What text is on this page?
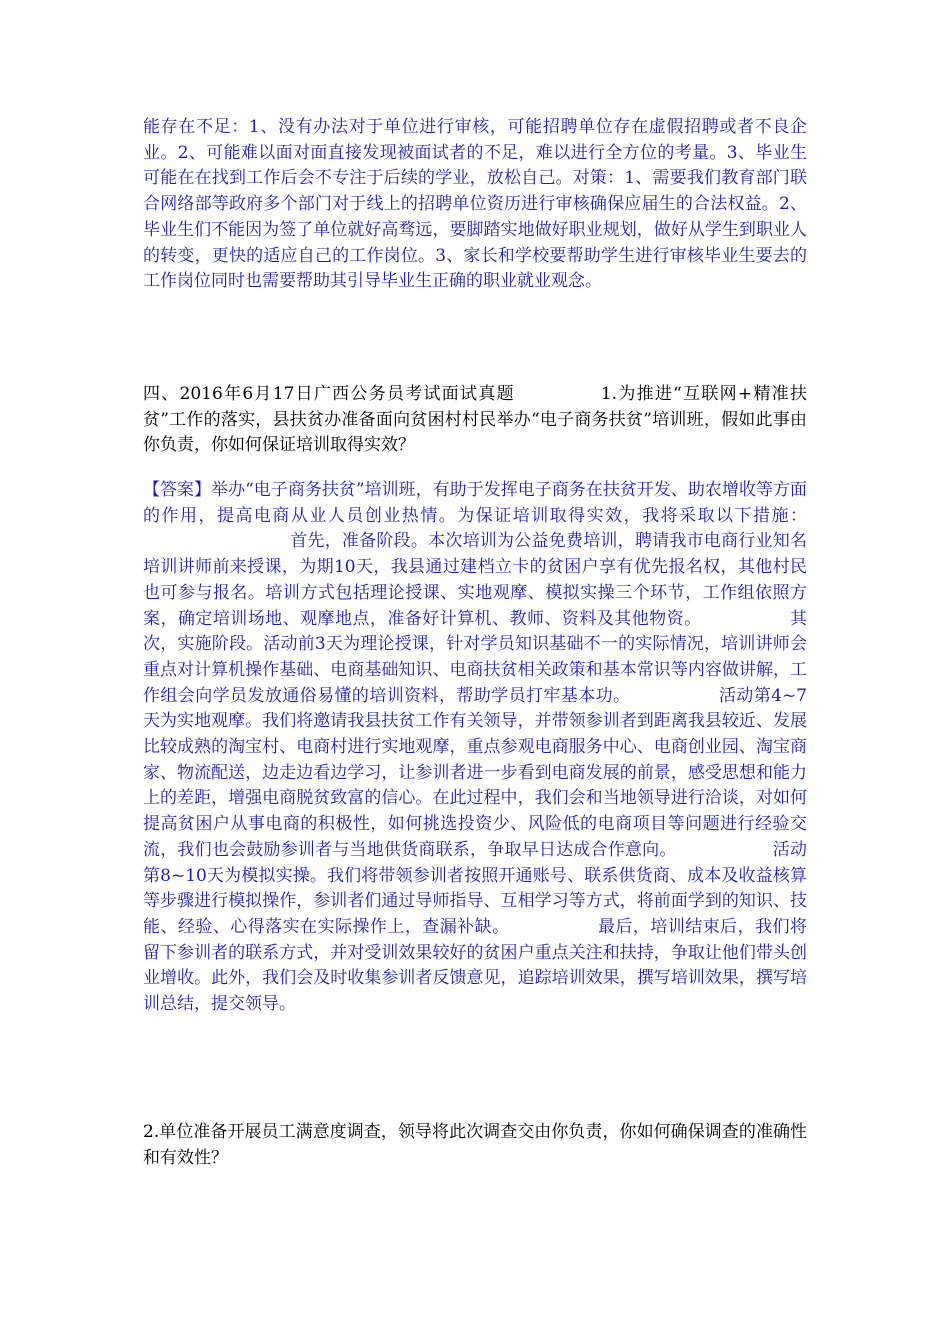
能存在不足：1、没有办法对于单位进行审核，可能招聘单位存在虚假招聘或者不良企业。2、可能难以面对面直接发现被面试者的不足，难以进行全方位的考量。3、毕业生可能在在找到工作后会不专注于后续的学业，放松自己。对策：1、需要我们教育部门联合网络部等政府多个部门对于线上的招聘单位资历进行审核确保应届生的合法权益。2、毕业生们不能因为签了单位就好高骛远，要脚踏实地做好职业规划，做好从学生到职业人的转变，更快的适应自己的工作岗位。3、家长和学校要帮助学生进行审核毕业生要去的工作岗位同时也需要帮助其引导毕业生正确的职业就业观念。

四、2016年6月17日广西公务员考试面试真题	1.为推进“互联网+精准扶贫”工作的落实，县扶贫办准备面向贫困村村民举办“电子商务扶贫”培训班，假如此事由你负责，你如何保证培训取得实效？

【答案】举办“电子商务扶贫”培训班，有助于发挥电子商务在扶贫开发、助农增收等方面的作用，提高电商从业人员创业热情。为保证培训取得实效，我将采取以下措施：首先，准备阶段。本次培训为公益免费培训，聘请我市电商行业知名培训讲师前来授课，为期10天，我县通过建档立卡的贫困户享有优先报名权，其他村民也可参与报名。培训方式包括理论授课、实地观摩、模拟实操三个环节，工作组依照方案，确定培训场地、观摩地点，准备好计算机、教师、资料及其他物资。	其次，实施阶段。活动前3天为理论授课，针对学员知识基础不一的实际情况，培训讲师会重点对计算机操作基础、电商基础知识、电商扶贫相关政策和基本常识等内容做讲解，工作组会向学员发放通俗易懂的培训资料，帮助学员打牢基本功。	活动第4~7天为实地观摩。我们将邀请我县扶贫工作有关领导，并带领参训者到距离我县较近、发展比较成熟的淘宝村、电商村进行实地观摩，重点参观电商服务中心、电商创业园、淘宝商家、物流配送，边走边看边学习，让参训者进一步看到电商发展的前景，感受思想和能力上的差距，增强电商脱贫致富的信心。在此过程中，我们会和当地领导进行洽谈，对如何提高贫困户从事电商的积极性，如何挑选投资少、风险低的电商项目等问题进行经验交流，我们也会鼓励参训者与当地供货商联系，争取早日达成合作意向。	活动第8~10天为模拟实操。我们将带领参训者按照开通账号、联系供货商、成本及收益核算等步骤进行模拟操作，参训者们通过导师指导、互相学习等方式，将前面学到的知识、技能、经验、心得落实在实际操作上，查漏补缺。	最后，培训结束后，我们将留下参训者的联系方式，并对受训效果较好的贫困户重点关注和扶持，争取让他们带头创业增收。此外，我们会及时收集参训者反馈意见，追踪培训效果，撰写培训效果，撰写培训总结，提交领导。

2.单位准备开展员工满意度调查，领导将此次调查交由你负责，你如何确保调查的准确性和有效性？
